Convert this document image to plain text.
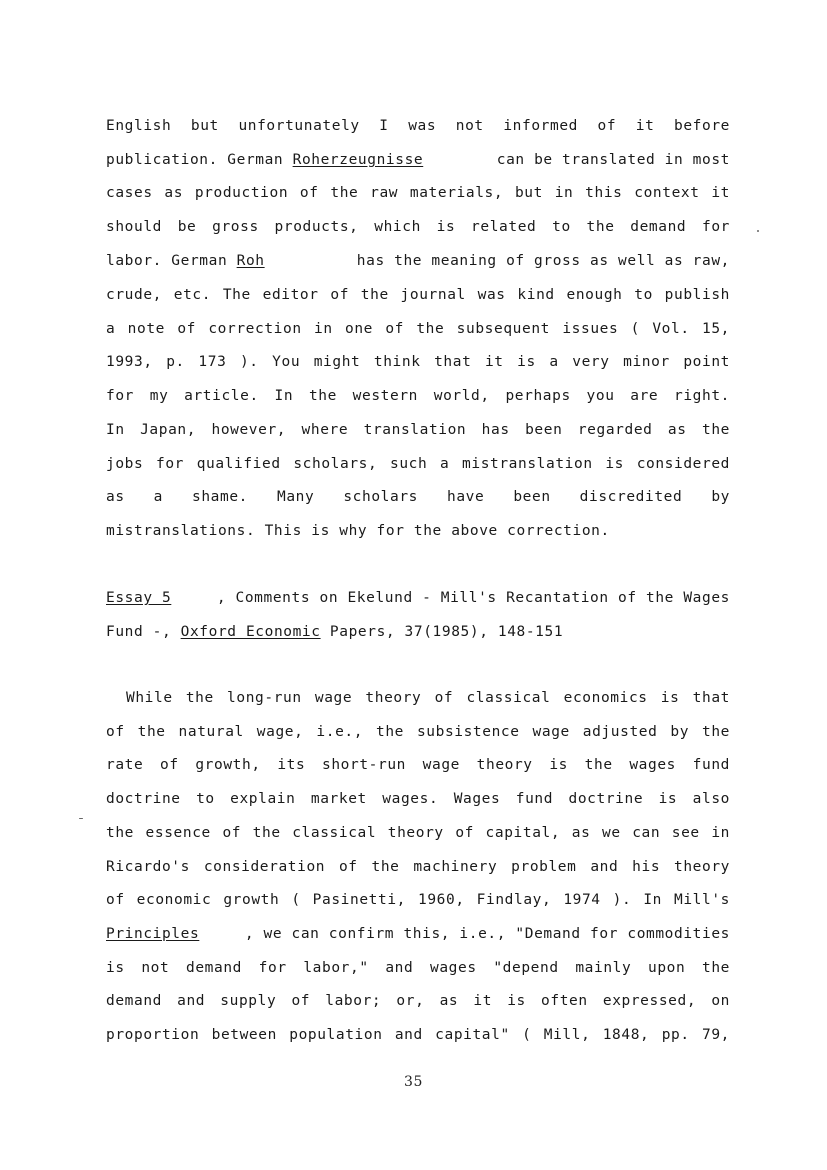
English but unfortunately I was not informed of it before
publication. German Roherzeugnisse	can be translated in most
cases as production of the raw materials, but in this context it
should be gross products, which is related to the demand for
labor. German Roh	has the meaning of gross as well as raw,
crude, etc. The editor of the journal was kind enough to publish
a note of correction in one of the subsequent issues ( Vol. 15,
1993, p. 173 ). You might think that it is a very minor point
for my article. In the western world, perhaps you are right.
In Japan, however, where translation has been regarded as the
jobs for qualified scholars, such a mistranslation is considered
as a shame. Many scholars have been discredited by
mistranslations. This is why for the above correction.
Essay 5	, Comments on Ekelund - Mill's Recantation of the Wages
Fund -, Oxford Economic Papers, 37(1985), 148-151
While the long-run wage theory of classical economics is that
of the natural wage, i.e., the subsistence wage adjusted by the
rate of growth, its short-run wage theory is the wages fund
doctrine to explain market wages. Wages fund doctrine is also
the essence of the classical theory of capital, as we can see in
Ricardo's consideration of the machinery problem and his theory
of economic growth ( Pasinetti, 1960, Findlay, 1974 ). In Mill's
Principles	, we can confirm this, i.e., "Demand for commodities
is not demand for labor," and wages "depend mainly upon the
demand and supply of labor; or, as it is often expressed, on
proportion between population and capital" ( Mill, 1848, pp. 79,
35
